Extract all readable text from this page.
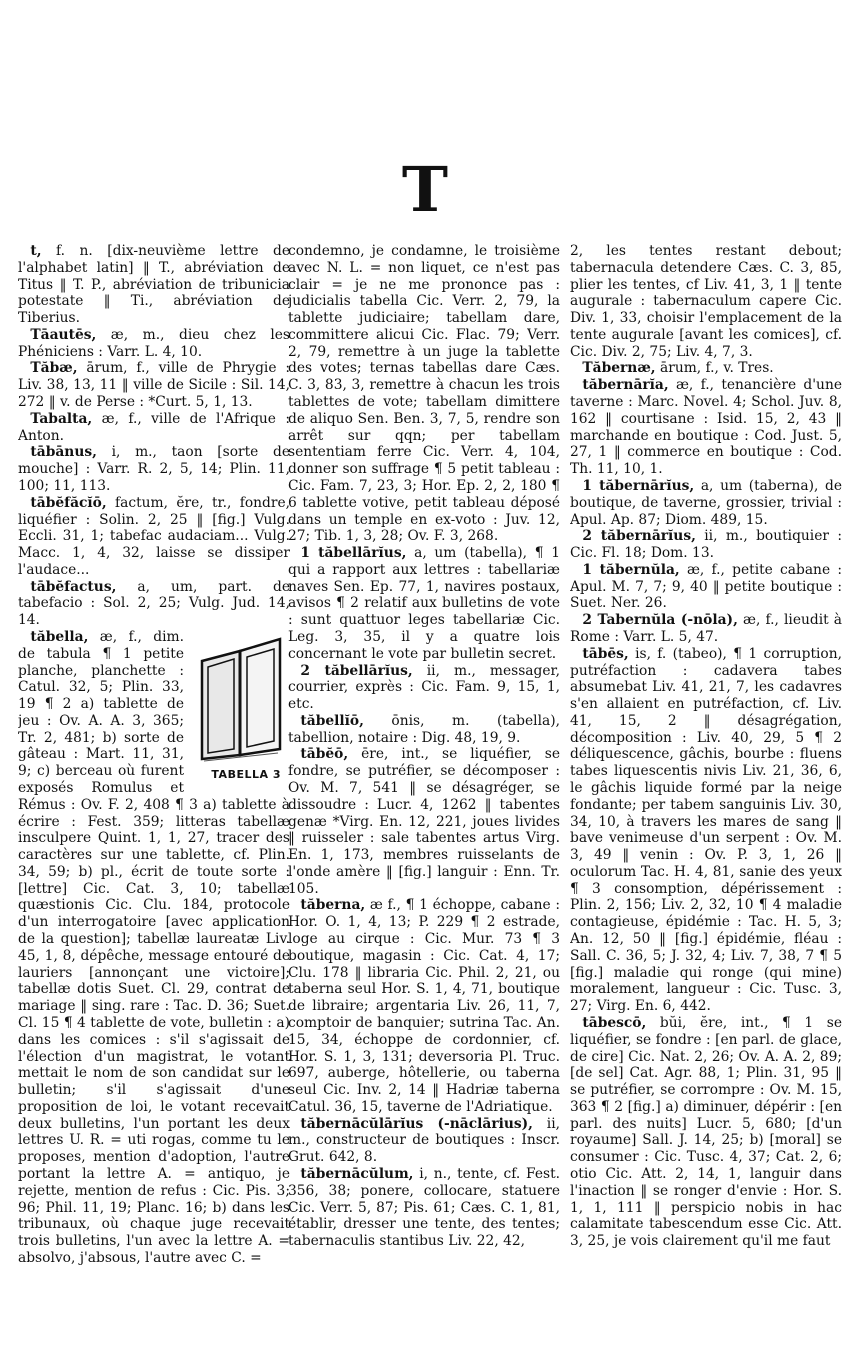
T

t, f. n. [dix-neuvième lettre de l'alphabet latin] ‖ T., abréviation de Titus ‖ T. P., abréviation de tribunicia potestate ‖ Ti., abréviation de Tiberius.

Tāautēs, æ, m., dieu chez les Phéniciens : Varr. L. 4, 10.

Tăbæ, ārum, f., ville de Phrygie : Liv. 38, 13, 11 ‖ ville de Sicile : Sil. 14, 272 ‖ v. de Perse : *Curt. 5, 1, 13.

Tabalta, æ, f., ville de l'Afrique : Anton.

tābānus, i, m., taon [sorte de mouche] : Varr. R. 2, 5, 14; Plin. 11, 100; 11, 113.

tābĕfăcĭō, factum, ĕre, tr., fondre, liquéfier : Solin. 2, 25 ‖ [fig.] Vulg. Eccli. 31, 1; tabefac audaciam... Vulg. Macc. 1, 4, 32, laisse se dissiper l'audace...

tābĕfactus, a, um, part. de tabefacio : Sol. 2, 25; Vulg. Jud. 14, 14.

TABELLA 3
tăbella, æ, f., dim. de tabula ¶ 1 petite planche, planchette : Catul. 32, 5; Plin. 33, 19 ¶ 2 a) tablette de jeu : Ov. A. A. 3, 365; Tr. 2, 481; b) sorte de gâteau : Mart. 11, 31, 9; c) berceau où furent exposés Romulus et Rémus : Ov. F. 2, 408 ¶ 3 a) tablette à écrire : Fest. 359; litteras tabellæ insculpere Quint. 1, 1, 27, tracer des caractères sur une tablette, cf. Plin. 34, 59; b) pl., écrit de toute sorte : [lettre] Cic. Cat. 3, 10; tabellæ quæstionis Cic. Clu. 184, protocole d'un interrogatoire [avec application de la question]; tabellæ laureatæ Liv. 45, 1, 8, dépêche, message entouré de lauriers [annonçant une victoire]; tabellæ dotis Suet. Cl. 29, contrat de mariage ‖ sing. rare : Tac. D. 36; Suet. Cl. 15 ¶ 4 tablette de vote, bulletin : a) dans les comices : s'il s'agissait de l'élection d'un magistrat, le votant mettait le nom de son candidat sur le bulletin; s'il s'agissait d'une proposition de loi, le votant recevait deux bulletins, l'un portant les deux lettres U. R. = uti rogas, comme tu le proposes, mention d'adoption, l'autre portant la lettre A. = antiquo, je rejette, mention de refus : Cic. Pis. 3; 96; Phil. 11, 19; Planc. 16; b) dans les tribunaux, où chaque juge recevait trois bulletins, l'un avec la lettre A. = absolvo, j'absous, l'autre avec C. =

condemno, je condamne, le troisième avec N. L. = non liquet, ce n'est pas clair = je ne me prononce pas : judicialis tabella Cic. Verr. 2, 79, la tablette judiciaire; tabellam dare, committere alicui Cic. Flac. 79; Verr. 2, 79, remettre à un juge la tablette des votes; ternas tabellas dare Cæs. C. 3, 83, 3, remettre à chacun les trois tablettes de vote; tabellam dimittere de aliquo Sen. Ben. 3, 7, 5, rendre son arrêt sur qqn; per tabellam sententiam ferre Cic. Verr. 4, 104, donner son suffrage ¶ 5 petit tableau : Cic. Fam. 7, 23, 3; Hor. Ep. 2, 2, 180 ¶ 6 tablette votive, petit tableau déposé dans un temple en ex-voto : Juv. 12, 27; Tib. 1, 3, 28; Ov. F. 3, 268.

1 tăbellārĭus, a, um (tabella), ¶ 1 qui a rapport aux lettres : tabellariæ naves Sen. Ep. 77, 1, navires postaux, avisos ¶ 2 relatif aux bulletins de vote : sunt quattuor leges tabellariæ Cic. Leg. 3, 35, il y a quatre lois concernant le vote par bulletin secret.

2 tăbellārĭus, ii, m., messager, courrier, exprès : Cic. Fam. 9, 15, 1, etc.

tăbellĭō, ōnis, m. (tabella), tabellion, notaire : Dig. 48, 19, 9.

tābĕō, ēre, int., se liquéfier, se fondre, se putréfier, se décomposer : Ov. M. 7, 541 ‖ se désagréger, se dissoudre : Lucr. 4, 1262 ‖ tabentes genæ *Virg. En. 12, 221, joues livides ‖ ruisseler : sale tabentes artus Virg. En. 1, 173, membres ruisselants de l'onde amère ‖ [fig.] languir : Enn. Tr. 105.

tăberna, æ f., ¶ 1 échoppe, cabane : Hor. O. 1, 4, 13; P. 229 ¶ 2 estrade, loge au cirque : Cic. Mur. 73 ¶ 3 boutique, magasin : Cic. Cat. 4, 17; Clu. 178 ‖ libraria Cic. Phil. 2, 21, ou taberna seul Hor. S. 1, 4, 71, boutique de libraire; argentaria Liv. 26, 11, 7, comptoir de banquier; sutrina Tac. An. 15, 34, échoppe de cordonnier, cf. Hor. S. 1, 3, 131; deversoria Pl. Truc. 697, auberge, hôtellerie, ou taberna seul Cic. Inv. 2, 14 ‖ Hadriæ taberna Catul. 36, 15, taverne de l'Adriatique.

tăbernācŭlārĭus (-nāclārius), ii, m., constructeur de boutiques : Inscr. Grut. 642, 8.

tăbernācŭlum, i, n., tente, cf. Fest. 356, 38; ponere, collocare, statuere Cic. Verr. 5, 87; Pis. 61; Cæs. C. 1, 81, établir, dresser une tente, des tentes; tabernaculis stantibus Liv. 22, 42,

2, les tentes restant debout; tabernacula detendere Cæs. C. 3, 85, plier les tentes, cf Liv. 41, 3, 1 ‖ tente augurale : tabernaculum capere Cic. Div. 1, 33, choisir l'emplacement de la tente augurale [avant les comices], cf. Cic. Div. 2, 75; Liv. 4, 7, 3.

Tăbernæ, ārum, f., v. Tres.

tăbernārĭa, æ, f., tenancière d'une taverne : Marc. Novel. 4; Schol. Juv. 8, 162 ‖ courtisane : Isid. 15, 2, 43 ‖ marchande en boutique : Cod. Just. 5, 27, 1 ‖ commerce en boutique : Cod. Th. 11, 10, 1.

1 tăbernārĭus, a, um (taberna), de boutique, de taverne, grossier, trivial : Apul. Ap. 87; Diom. 489, 15.

2 tăbernārĭus, ii, m., boutiquier : Cic. Fl. 18; Dom. 13.

1 tăbernŭla, æ, f., petite cabane : Apul. M. 7, 7; 9, 40 ‖ petite boutique : Suet. Ner. 26.

2 Tabernŭla (-nōla), æ, f., lieudit à Rome : Varr. L. 5, 47.

tābēs, is, f. (tabeo), ¶ 1 corruption, putréfaction : cadavera tabes absumebat Liv. 41, 21, 7, les cadavres s'en allaient en putréfaction, cf. Liv. 41, 15, 2 ‖ désagrégation, décomposition : Liv. 40, 29, 5 ¶ 2 déliquescence, gâchis, bourbe : fluens tabes liquescentis nivis Liv. 21, 36, 6, le gâchis liquide formé par la neige fondante; per tabem sanguinis Liv. 30, 34, 10, à travers les mares de sang ‖ bave venimeuse d'un serpent : Ov. M. 3, 49 ‖ venin : Ov. P. 3, 1, 26 ‖ oculorum Tac. H. 4, 81, sanie des yeux ¶ 3 consomption, dépérissement : Plin. 2, 156; Liv. 2, 32, 10 ¶ 4 maladie contagieuse, épidémie : Tac. H. 5, 3; An. 12, 50 ‖ [fig.] épidémie, fléau : Sall. C. 36, 5; J. 32, 4; Liv. 7, 38, 7 ¶ 5 [fig.] maladie qui ronge (qui mine) moralement, langueur : Cic. Tusc. 3, 27; Virg. En. 6, 442.

tābescō, bŭi, ĕre, int., ¶ 1 se liquéfier, se fondre : [en parl. de glace, de cire] Cic. Nat. 2, 26; Ov. A. A. 2, 89; [de sel] Cat. Agr. 88, 1; Plin. 31, 95 ‖ se putréfier, se corrompre : Ov. M. 15, 363 ¶ 2 [fig.] a) diminuer, dépérir : [en parl. des nuits] Lucr. 5, 680; [d'un royaume] Sall. J. 14, 25; b) [moral] se consumer : Cic. Tusc. 4, 37; Cat. 2, 6; otio Cic. Att. 2, 14, 1, languir dans l'inaction ‖ se ronger d'envie : Hor. S. 1, 1, 111 ‖ perspicio nobis in hac calamitate tabescendum esse Cic. Att. 3, 25, je vois clairement qu'il me faut
